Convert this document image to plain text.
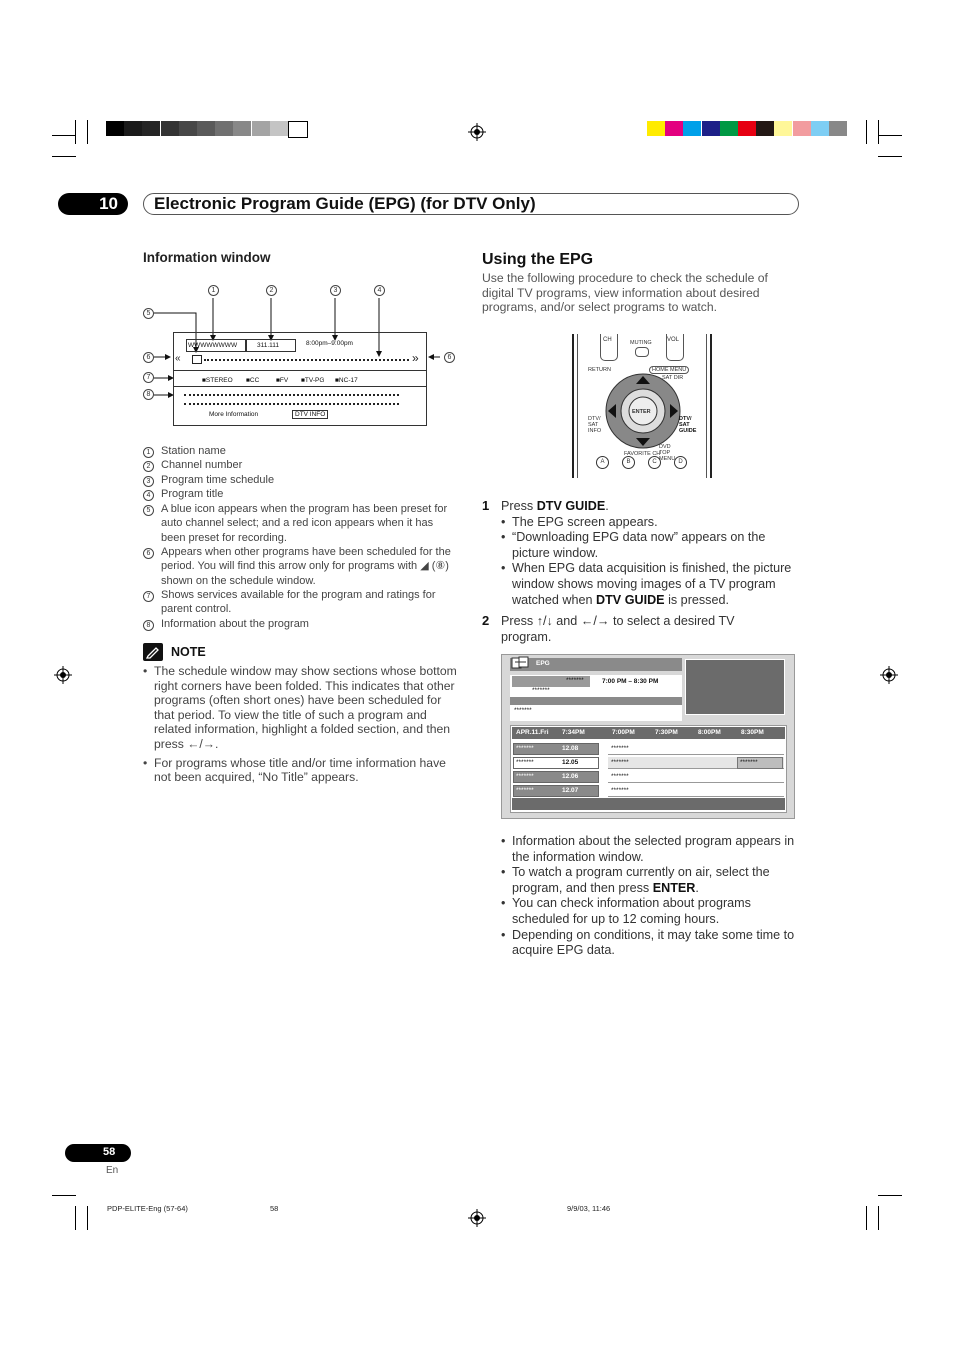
10	Electronic Program Guide (EPG) (for DTV Only)
Information window
1	2	3	4
5
6	6
7
8
WWWWWWWW	311.111	8:00pm–9:00pm
«	»
■STEREO ■CC	■FV ■TV-PG ■NC-17
More Information	DTV INFO
1 Station name
2 Channel number
3 Program time schedule
4 Program title
5 A blue icon appears when the program has been preset for auto channel select; and a red icon appears when it has been preset for recording.
6 Appears when other programs have been scheduled for the period. You will find this arrow only for programs with ◢ (⑧) shown on the schedule window.
7 Shows services available for the program and ratings for parent control.
8 Information about the program
NOTE
• The schedule window may show sections whose bottom right corners have been folded. This indicates that other programs (often short ones) have been scheduled for that period. To view the title of such a program and related information, highlight a folded section, and then press ←/→.
• For programs whose title and/or time information have not been acquired, “No Title” appears.
Using the EPG
Use the following procedure to check the schedule of digital TV programs, view information about desired programs, and/or select programs to watch.
CH	VOL
MUTING
RETURN	HOME MENU
SAT DIR
ENTER
DTV/ SAT INFO
DTV/ SAT GUIDE
FAVORITE CH
DVD TOP MENU
A	B	C	D
1 Press DTV GUIDE.
• The EPG screen appears.
• “Downloading EPG data now” appears on the picture window.
• When EPG data acquisition is finished, the picture window shows moving images of a TV program watched when DTV GUIDE is pressed.
2 Press ↑/↓ and ←/→ to select a desired TV program.
EPG
*******	7:00 PM – 8:30 PM
*******
*******
APR.11.Fri 7:34PM	7:00PM	7:30PM	8:00PM	8:30PM
*******	12.08	*******
*******	12.05	*******	*******
*******	12.06	*******
*******	12.07	*******
• Information about the selected program appears in the information window.
• To watch a program currently on air, select the program, and then press ENTER.
• You can check information about programs scheduled for up to 12 coming hours.
• Depending on conditions, it may take some time to acquire EPG data.
58
En
PDP-ELITE-Eng (57-64)	58	9/9/03, 11:46
